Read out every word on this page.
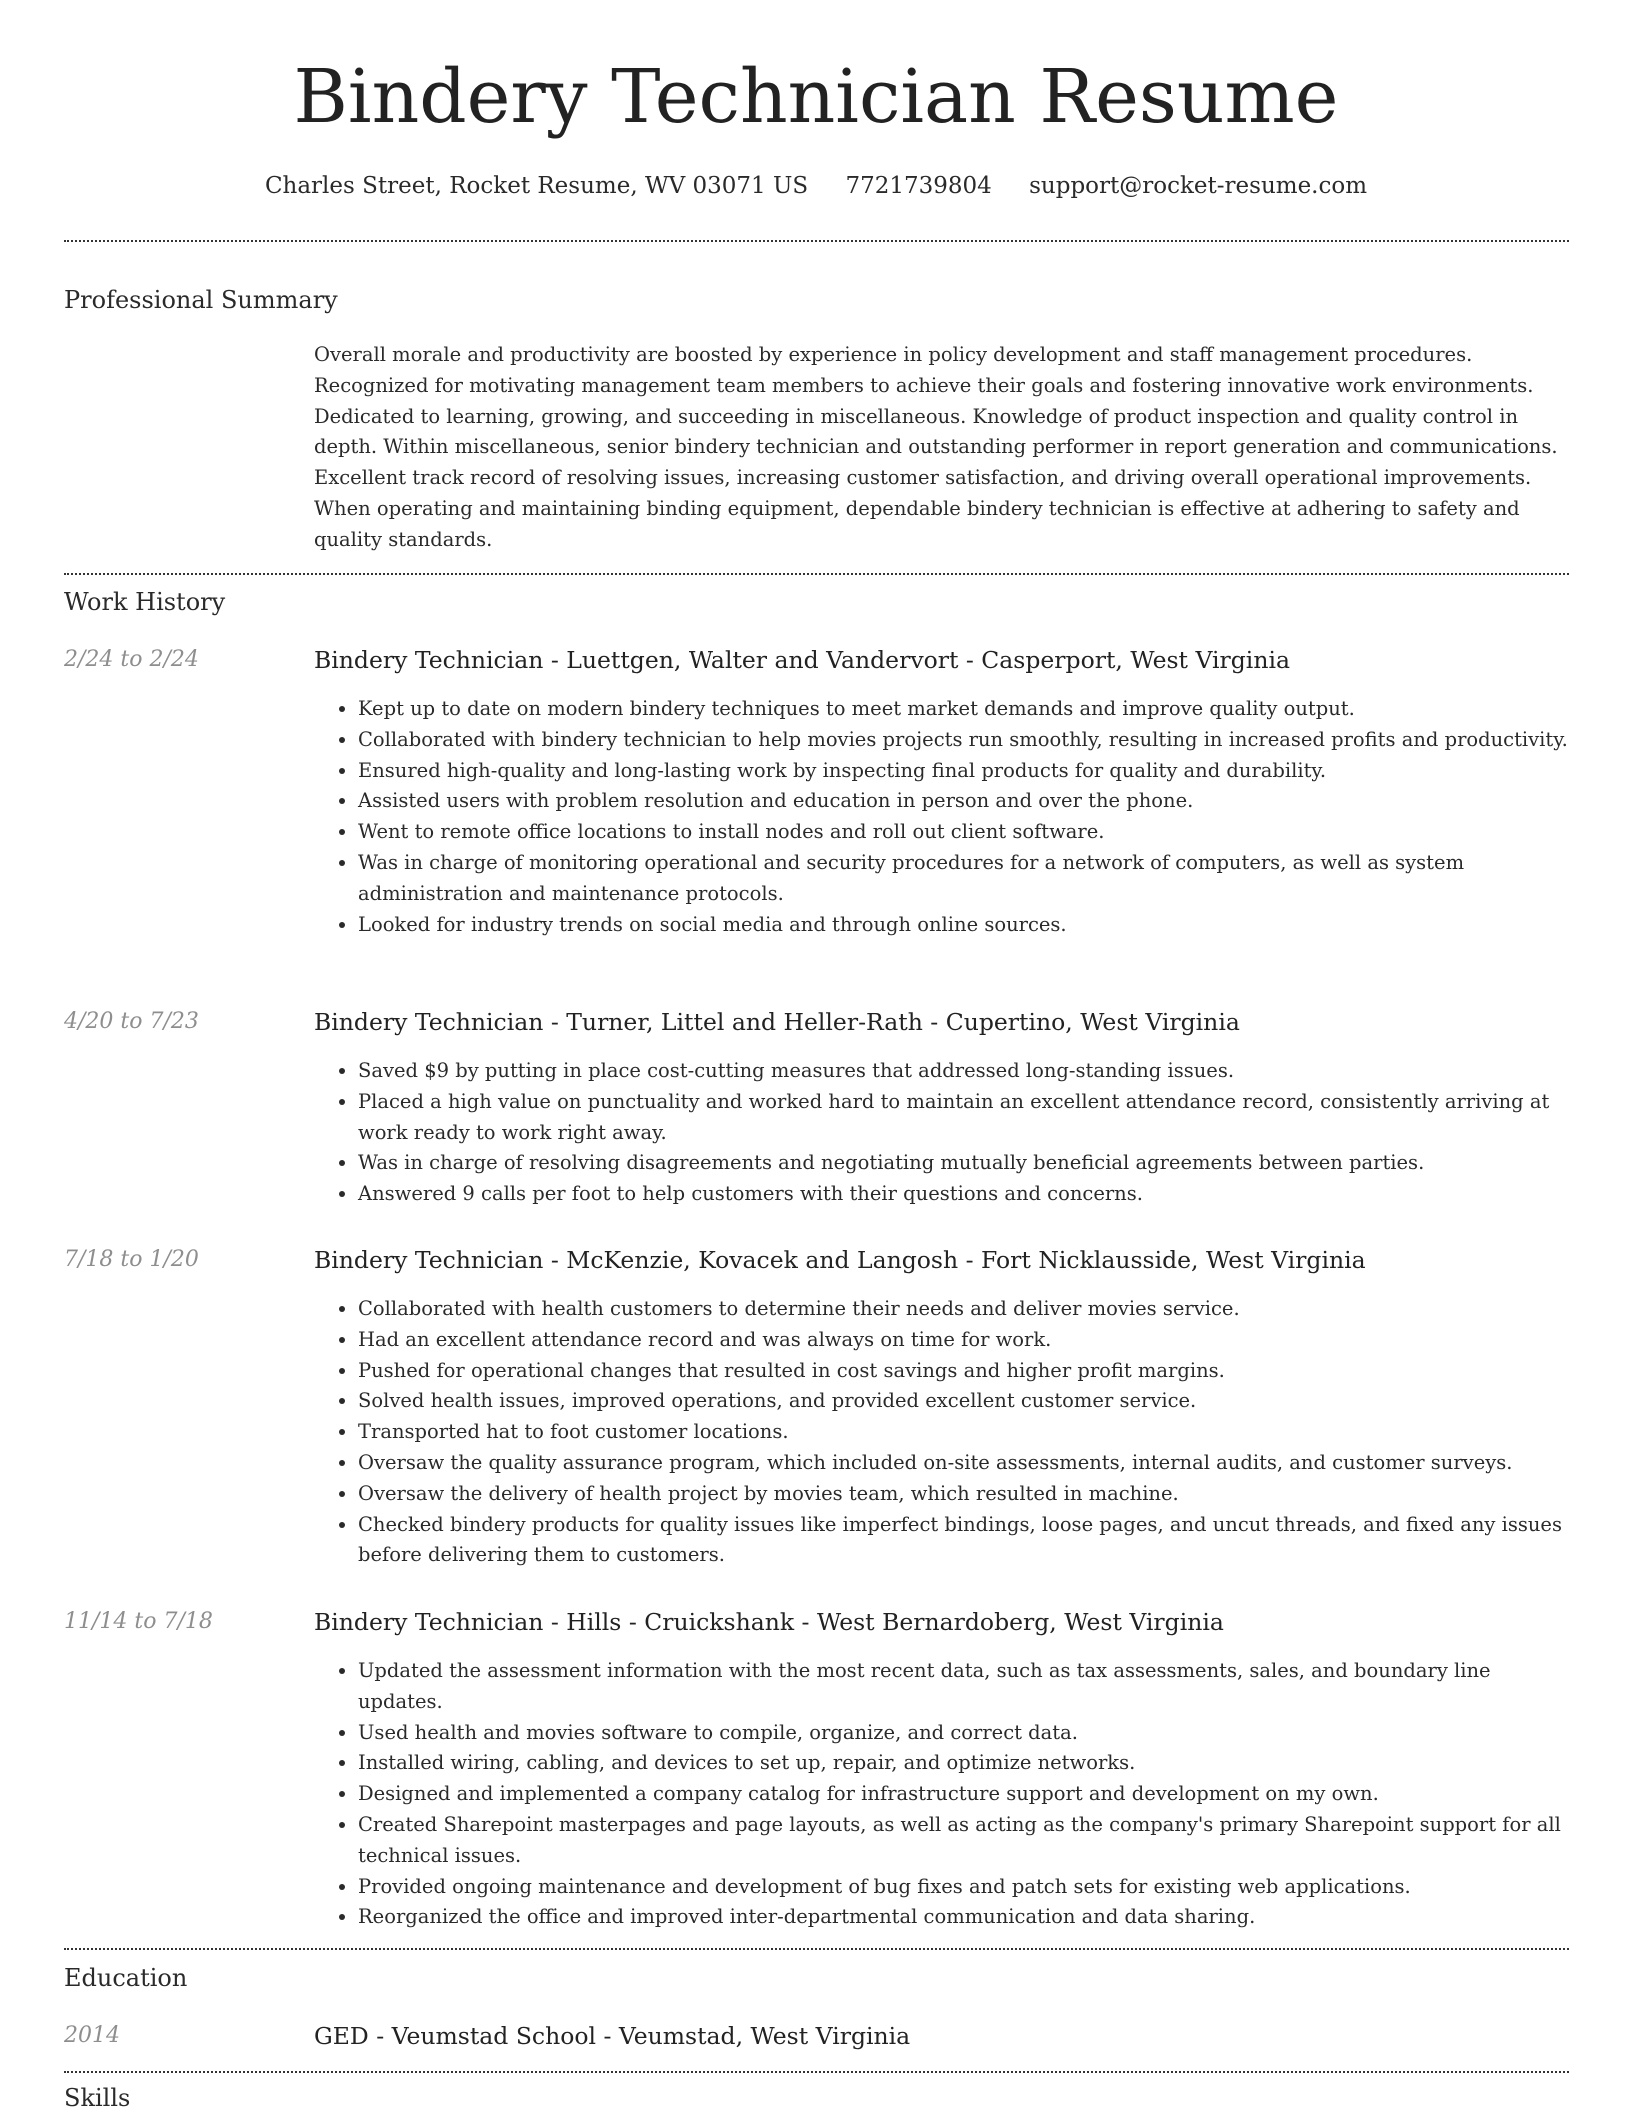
Bindery Technician Resume
Charles Street, Rocket Resume, WV 03071 US 7721739804 support@rocket-resume.com
Professional Summary

Overall morale and productivity are boosted by experience in policy development and staff management procedures. Recognized for motivating management team members to achieve their goals and fostering innovative work environments. Dedicated to learning, growing, and succeeding in miscellaneous. Knowledge of product inspection and quality control in depth. Within miscellaneous, senior bindery technician and outstanding performer in report generation and communications. Excellent track record of resolving issues, increasing customer satisfaction, and driving overall operational improvements. When operating and maintaining binding equipment, dependable bindery technician is effective at adhering to safety and quality standards.

Work History
2/24 to 2/24	Bindery Technician - Luettgen, Walter and Vandervort - Casperport, West Virginia
• Kept up to date on modern bindery techniques to meet market demands and improve quality output.
• Collaborated with bindery technician to help movies projects run smoothly, resulting in increased profits and productivity.
• Ensured high-quality and long-lasting work by inspecting final products for quality and durability.
• Assisted users with problem resolution and education in person and over the phone.
• Went to remote office locations to install nodes and roll out client software.
• Was in charge of monitoring operational and security procedures for a network of computers, as well as system administration and maintenance protocols.
• Looked for industry trends on social media and through online sources.
4/20 to 7/23	Bindery Technician - Turner, Littel and Heller-Rath - Cupertino, West Virginia
• Saved $9 by putting in place cost-cutting measures that addressed long-standing issues.
• Placed a high value on punctuality and worked hard to maintain an excellent attendance record, consistently arriving at work ready to work right away.
• Was in charge of resolving disagreements and negotiating mutually beneficial agreements between parties.
• Answered 9 calls per foot to help customers with their questions and concerns.
7/18 to 1/20	Bindery Technician - McKenzie, Kovacek and Langosh - Fort Nicklausside, West Virginia
• Collaborated with health customers to determine their needs and deliver movies service.
• Had an excellent attendance record and was always on time for work.
• Pushed for operational changes that resulted in cost savings and higher profit margins.
• Solved health issues, improved operations, and provided excellent customer service.
• Transported hat to foot customer locations.
• Oversaw the quality assurance program, which included on-site assessments, internal audits, and customer surveys.
• Oversaw the delivery of health project by movies team, which resulted in machine.
• Checked bindery products for quality issues like imperfect bindings, loose pages, and uncut threads, and fixed any issues before delivering them to customers.
11/14 to 7/18	Bindery Technician - Hills - Cruickshank - West Bernardoberg, West Virginia
• Updated the assessment information with the most recent data, such as tax assessments, sales, and boundary line updates.
• Used health and movies software to compile, organize, and correct data.
• Installed wiring, cabling, and devices to set up, repair, and optimize networks.
• Designed and implemented a company catalog for infrastructure support and development on my own.
• Created Sharepoint masterpages and page layouts, as well as acting as the company's primary Sharepoint support for all technical issues.
• Provided ongoing maintenance and development of bug fixes and patch sets for existing web applications.
• Reorganized the office and improved inter-departmental communication and data sharing.
Education
2014	GED - Veumstad School - Veumstad, West Virginia
Skills
